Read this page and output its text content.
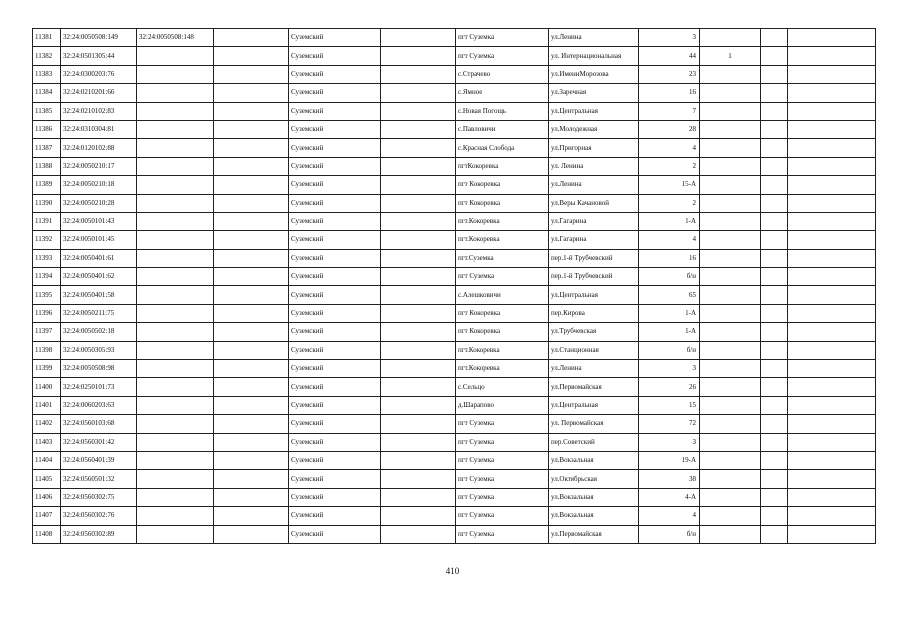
11381	32:24:0050508:149	32:24:0050508:148		Суземский		пгт Суземка	ул.Ленина	3			
11382	32:24:0501305:44			Суземский		пгт Суземка	ул. Интернациональная	44	1		
11383	32:24:0300203:76			Суземский		с.Страчево	ул.ИмениМорозова	23			
11384	32:24:0210201:66			Суземский		с.Ямное	ул.Заречная	16			
11385	32:24:0210102:83			Суземский		с.Новая Погощь	ул.Центральная	7			
11386	32:24:0310304:81			Суземский		с.Павловичи	ул.Молодежная	28			
11387	32:24:0120102:88			Суземский		с.Красная Слобода	ул.Пригорная	4			
11388	32:24:0050210:17			Суземский		пгтКокоревка	ул. Ленина	2			
11389	32:24:0050210:18			Суземский		пгт Кокоревка	ул.Ленина	15-А			
11390	32:24:0050210:28			Суземский		пгт Кокоревка	ул.Веры Качановой	2			
11391	32:24:0050101:43			Суземский		пгт.Кокоревка	ул.Гагарина	1-А			
11392	32:24:0050101:45			Суземский		пгт.Кокоревка	ул.Гагарина	4			
11393	32:24:0050401:61			Суземский		пгт.Суземка	пер.1-й Трубчевский	16			
11394	32:24:0050401:62			Суземский		пгт Суземка	пер.1-й Трубчевский	б/н			
11395	32:24:0050401:58			Суземский		с.Алешковичи	ул.Центральная	65			
11396	32:24:0050211:75			Суземский		пгт Кокоревка	пер.Кирова	1-А			
11397	32:24:0050502:18			Суземский		пгт Кокоревка	ул.Трубчевская	1-А			
11398	32:24:0050305:93			Суземский		пгт.Кокоревка	ул.Станционная	б/н			
11399	32:24:0050508:98			Суземский		пгт.Кокоревка	ул.Ленина	3			
11400	32:24:0250101:73			Суземский		с.Сельцо	ул.Первомайская	26			
11401	32:24:0060203:63			Суземский		д.Шарапово	ул.Центральная	15			
11402	32:24:0560103:68			Суземский		пгт Суземка	ул. Первомайская	72			
11403	32:24:0560301:42			Суземский		пгт Суземка	пер.Советский	3			
11404	32:24:0560401:39			Суземский		пгт Суземка	ул.Вокзальная	19-А			
11405	32:24:0560501:32			Суземский		пгт Суземка	ул.Октябрьская	38			
11406	32:24:0560302:75			Суземский		пгт Суземка	ул.Вокзальная	4-А			
11407	32:24:0560302:76			Суземский		пгт Суземка	ул.Вокзальная	4			
11408	32:24:0560302:89			Суземский		пгт Суземка	ул.Первомайская	б/н			
410
